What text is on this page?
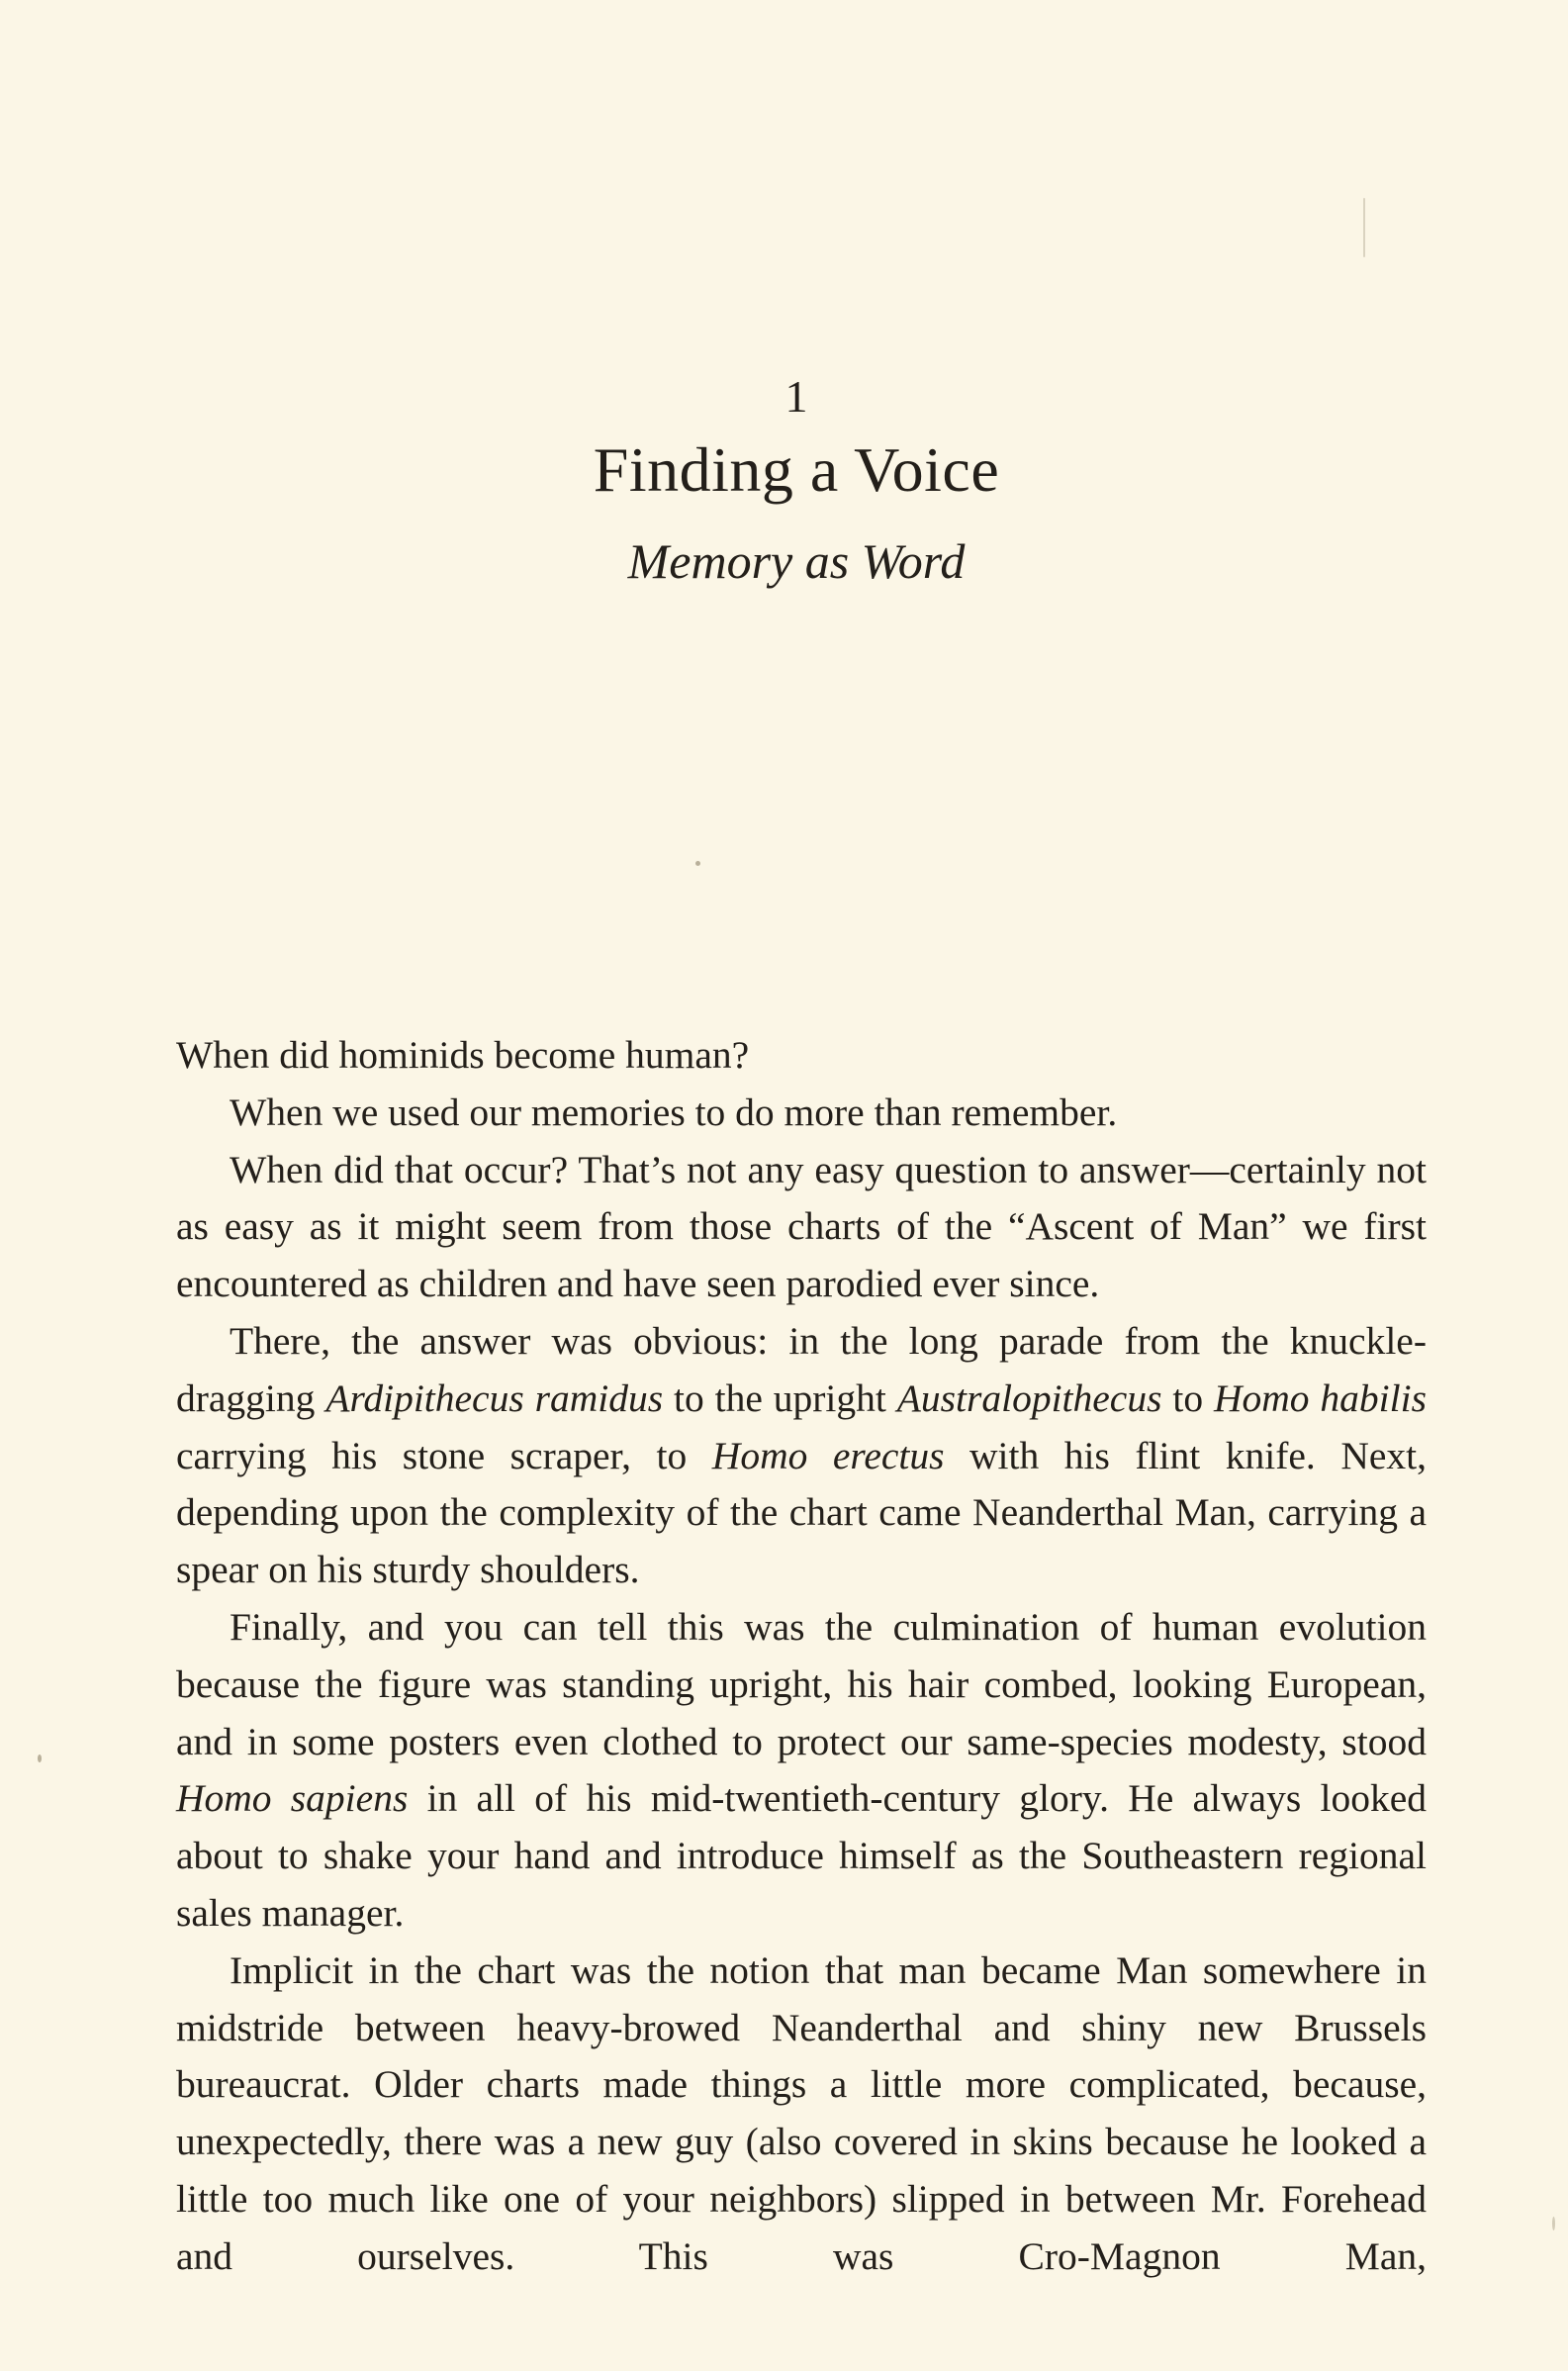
1
Finding a Voice
Memory as Word

When did hominids become human?

When we used our memories to do more than remember.

When did that occur? That’s not any easy question to answer—certainly not as easy as it might seem from those charts of the “Ascent of Man” we first encountered as children and have seen parodied ever since.

There, the answer was obvious: in the long parade from the knuckle-dragging Ardipithecus ramidus to the upright Australopithecus to Homo habilis carrying his stone scraper, to Homo erectus with his flint knife. Next, depending upon the complexity of the chart came Neanderthal Man, carrying a spear on his sturdy shoulders.

Finally, and you can tell this was the culmination of human evolution because the figure was standing upright, his hair combed, looking European, and in some posters even clothed to protect our same-species modesty, stood Homo sapiens in all of his mid-twentieth-century glory. He always looked about to shake your hand and introduce himself as the Southeastern regional sales manager.

Implicit in the chart was the notion that man became Man somewhere in midstride between heavy-browed Neanderthal and shiny new Brussels bureaucrat. Older charts made things a little more complicated, because, unexpectedly, there was a new guy (also covered in skins because he looked a little too much like one of your neighbors) slipped in between Mr. Forehead and ourselves. This was Cro-Magnon Man,
